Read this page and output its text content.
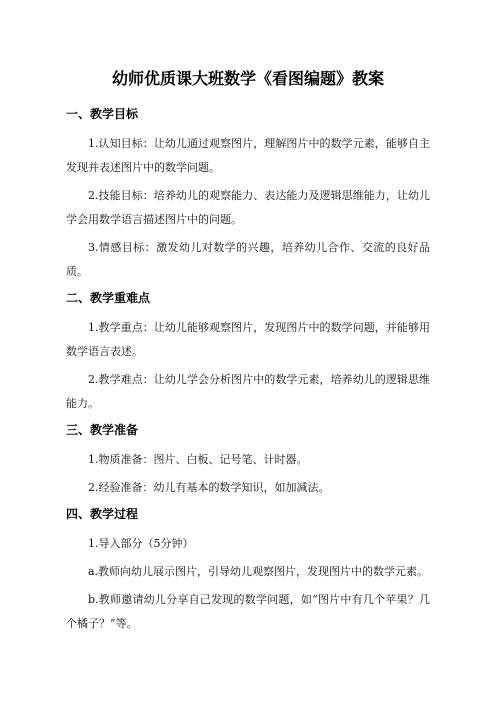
幼师优质课大班数学《看图编题》教案
一、教学目标

1.认知目标：让幼儿通过观察图片，理解图片中的数学元素，能够自主发现并表述图片中的数学问题。

2.技能目标：培养幼儿的观察能力、表达能力及逻辑思维能力，让幼儿学会用数学语言描述图片中的问题。

3.情感目标：激发幼儿对数学的兴趣，培养幼儿合作、交流的良好品质。

二、教学重难点

1.教学重点：让幼儿能够观察图片，发现图片中的数学问题，并能够用数学语言表述。

2.教学难点：让幼儿学会分析图片中的数学元素，培养幼儿的逻辑思维能力。

三、教学准备

1.物质准备：图片、白板、记号笔、计时器。

2.经验准备：幼儿有基本的数学知识，如加减法。

四、教学过程

1.导入部分（5分钟）

a.教师向幼儿展示图片，引导幼儿观察图片，发现图片中的数学元素。

b.教师邀请幼儿分享自己发现的数学问题，如“图片中有几个苹果？几个橘子？”等。
